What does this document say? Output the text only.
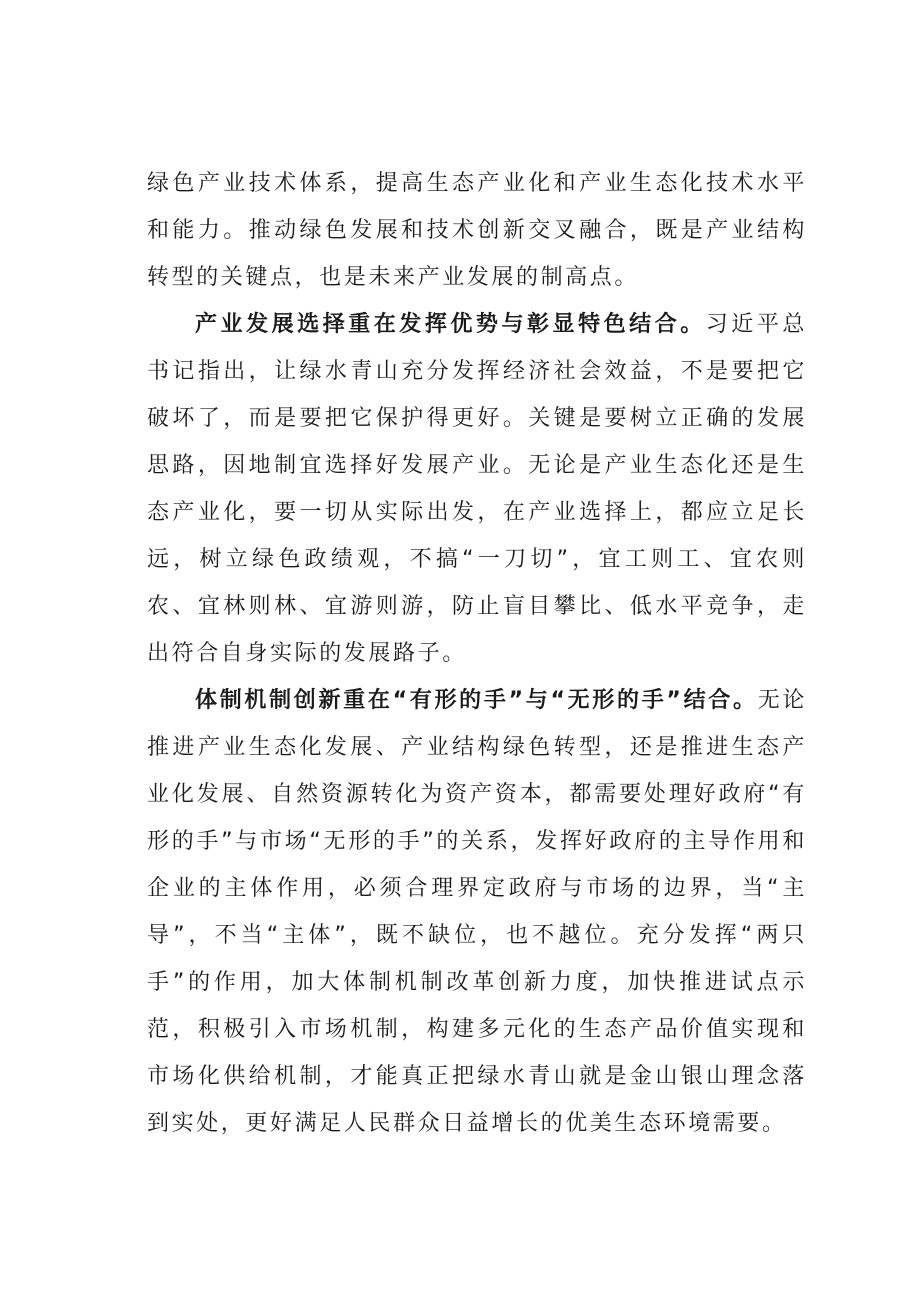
绿色产业技术体系，提高生态产业化和产业生态化技术水平和能力。推动绿色发展和技术创新交叉融合，既是产业结构转型的关键点，也是未来产业发展的制高点。

产业发展选择重在发挥优势与彰显特色结合。习近平总书记指出，让绿水青山充分发挥经济社会效益，不是要把它破坏了，而是要把它保护得更好。关键是要树立正确的发展思路，因地制宜选择好发展产业。无论是产业生态化还是生态产业化，要一切从实际出发，在产业选择上，都应立足长远，树立绿色政绩观，不搞“一刀切”，宜工则工、宜农则农、宜林则林、宜游则游，防止盲目攀比、低水平竞争，走出符合自身实际的发展路子。

体制机制创新重在“有形的手”与“无形的手”结合。无论推进产业生态化发展、产业结构绿色转型，还是推进生态产业化发展、自然资源转化为资产资本，都需要处理好政府“有形的手”与市场“无形的手”的关系，发挥好政府的主导作用和企业的主体作用，必须合理界定政府与市场的边界，当“主导”，不当“主体”，既不缺位，也不越位。充分发挥“两只手”的作用，加大体制机制改革创新力度，加快推进试点示范，积极引入市场机制，构建多元化的生态产品价值实现和市场化供给机制，才能真正把绿水青山就是金山银山理念落到实处，更好满足人民群众日益增长的优美生态环境需要。
